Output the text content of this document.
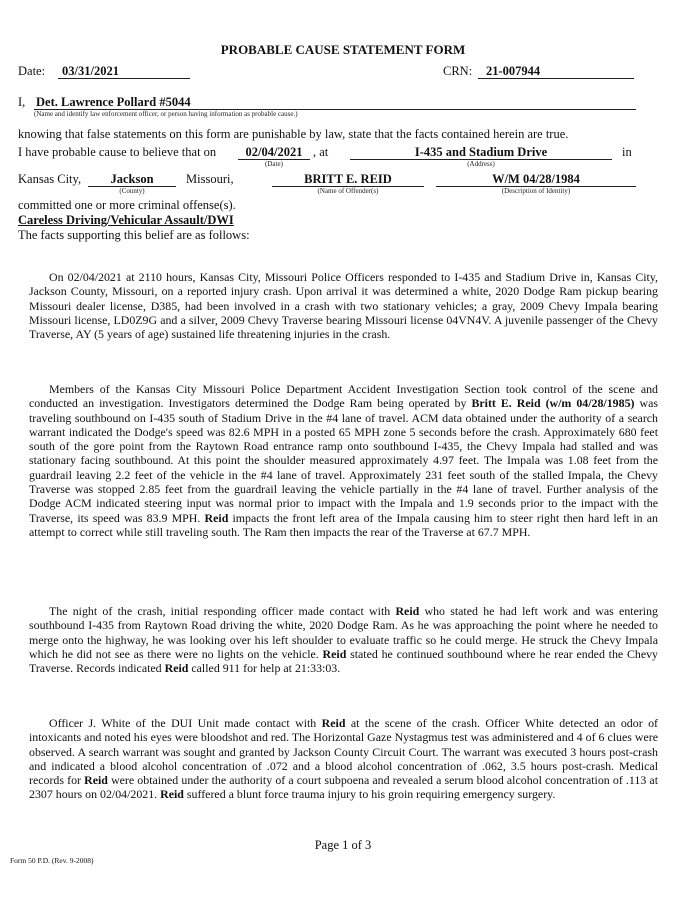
PROBABLE CAUSE STATEMENT FORM
Date:	03/31/2021	CRN:	21-007944
I, Det. Lawrence Pollard #5044
(Name and identify law enforcement officer, or person having information as probable cause.)
knowing that false statements on this form are punishable by law, state that the facts contained herein are true.
I have probable cause to believe that on	02/04/2021
(Date)
, at	I-435 and Stadium Drive
(Address)
in
Kansas City,	Jackson
(County)
Missouri,	BRITT E. REID
(Name of Offender(s)
W/M 04/28/1984
(Description of Identity)
committed one or more criminal offense(s).
Careless Driving/Vehicular Assault/DWI
The facts supporting this belief are as follows:

On 02/04/2021 at 2110 hours, Kansas City, Missouri Police Officers responded to I-435 and Stadium Drive in, Kansas City, Jackson County, Missouri, on a reported injury crash. Upon arrival it was determined a white, 2020 Dodge Ram pickup bearing Missouri dealer license, D385, had been involved in a crash with two stationary vehicles; a gray, 2009 Chevy Impala bearing Missouri license, LD0Z9G and a silver, 2009 Chevy Traverse bearing Missouri license 04VN4V. A juvenile passenger of the Chevy Traverse, AY (5 years of age) sustained life threatening injuries in the crash.

Members of the Kansas City Missouri Police Department Accident Investigation Section took control of the scene and conducted an investigation. Investigators determined the Dodge Ram being operated by Britt E. Reid (w/m 04/28/1985) was traveling southbound on I-435 south of Stadium Drive in the #4 lane of travel. ACM data obtained under the authority of a search warrant indicated the Dodge's speed was 82.6 MPH in a posted 65 MPH zone 5 seconds before the crash. Approximately 680 feet south of the gore point from the Raytown Road entrance ramp onto southbound I-435, the Chevy Impala had stalled and was stationary facing southbound. At this point the shoulder measured approximately 4.97 feet. The Impala was 1.08 feet from the guardrail leaving 2.2 feet of the vehicle in the #4 lane of travel. Approximately 231 feet south of the stalled Impala, the Chevy Traverse was stopped 2.85 feet from the guardrail leaving the vehicle partially in the #4 lane of travel. Further analysis of the Dodge ACM indicated steering input was normal prior to impact with the Impala and 1.9 seconds prior to the impact with the Traverse, its speed was 83.9 MPH. Reid impacts the front left area of the Impala causing him to steer right then hard left in an attempt to correct while still traveling south. The Ram then impacts the rear of the Traverse at 67.7 MPH.

The night of the crash, initial responding officer made contact with Reid who stated he had left work and was entering southbound I-435 from Raytown Road driving the white, 2020 Dodge Ram. As he was approaching the point where he needed to merge onto the highway, he was looking over his left shoulder to evaluate traffic so he could merge. He struck the Chevy Impala which he did not see as there were no lights on the vehicle. Reid stated he continued southbound where he rear ended the Chevy Traverse. Records indicated Reid called 911 for help at 21:33:03.

Officer J. White of the DUI Unit made contact with Reid at the scene of the crash. Officer White detected an odor of intoxicants and noted his eyes were bloodshot and red. The Horizontal Gaze Nystagmus test was administered and 4 of 6 clues were observed. A search warrant was sought and granted by Jackson County Circuit Court. The warrant was executed 3 hours post-crash and indicated a blood alcohol concentration of .072 and a blood alcohol concentration of .062, 3.5 hours post-crash. Medical records for Reid were obtained under the authority of a court subpoena and revealed a serum blood alcohol concentration of .113 at 2307 hours on 02/04/2021. Reid suffered a blunt force trauma injury to his groin requiring emergency surgery.

Page 1 of 3
Form 50 P.D. (Rev. 9-2008)
